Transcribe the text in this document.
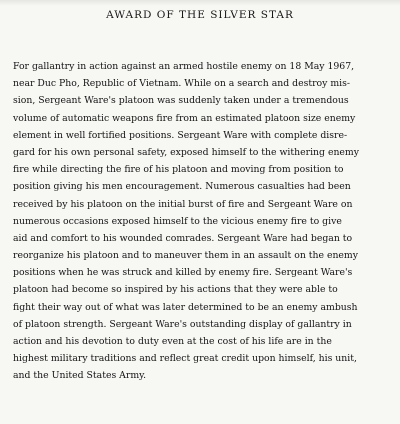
AWARD OF THE SILVER STAR
For gallantry in action against an armed hostile enemy on 18 May 1967,
near Duc Pho, Republic of Vietnam. While on a search and destroy mis-
sion, Sergeant Ware's platoon was suddenly taken under a tremendous
volume of automatic weapons fire from an estimated platoon size enemy
element in well fortified positions. Sergeant Ware with complete disre-
gard for his own personal safety, exposed himself to the withering enemy
fire while directing the fire of his platoon and moving from position to
position giving his men encouragement. Numerous casualties had been
received by his platoon on the initial burst of fire and Sergeant Ware on
numerous occasions exposed himself to the vicious enemy fire to give
aid and comfort to his wounded comrades. Sergeant Ware had began to
reorganize his platoon and to maneuver them in an assault on the enemy
positions when he was struck and killed by enemy fire. Sergeant Ware's
platoon had become so inspired by his actions that they were able to
fight their way out of what was later determined to be an enemy ambush
of platoon strength. Sergeant Ware's outstanding display of gallantry in
action and his devotion to duty even at the cost of his life are in the
highest military traditions and reflect great credit upon himself, his unit,
and the United States Army.
